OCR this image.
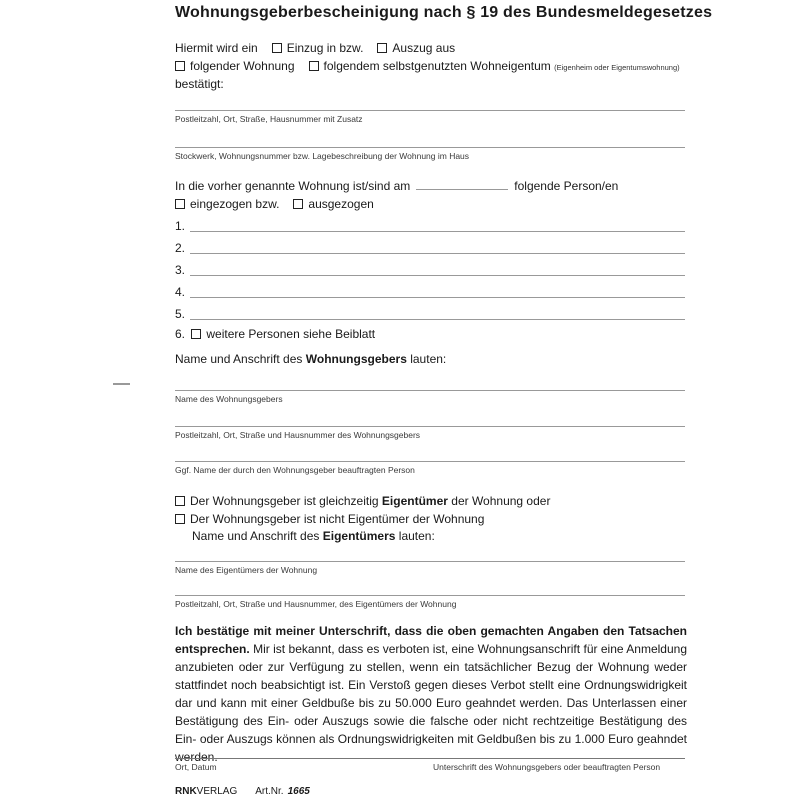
Wohnungsgeberbescheinigung nach § 19 des Bundesmeldegesetzes
Hiermit wird ein Einzug in bzw. Auszug aus
folgender Wohnung folgendem selbstgenutzten Wohneigentum (Eigenheim oder Eigentumswohnung)
bestätigt:
Postleitzahl, Ort, Straße, Hausnummer mit Zusatz
Stockwerk, Wohnungsnummer bzw. Lagebeschreibung der Wohnung im Haus
In die vorher genannte Wohnung ist/sind am	folgende Person/en
eingezogen bzw. ausgezogen
1.
2.
3.
4.
5.
6. weitere Personen siehe Beiblatt
Name und Anschrift des Wohnungsgebers lauten:
Name des Wohnungsgebers
Postleitzahl, Ort, Straße und Hausnummer des Wohnungsgebers
Ggf. Name der durch den Wohnungsgeber beauftragten Person
Der Wohnungsgeber ist gleichzeitig Eigentümer der Wohnung oder
Der Wohnungsgeber ist nicht Eigentümer der Wohnung
Name und Anschrift des Eigentümers lauten:
Name des Eigentümers der Wohnung
Postleitzahl, Ort, Straße und Hausnummer, des Eigentümers der Wohnung

Ich bestätige mit meiner Unterschrift, dass die oben gemachten Angaben den Tatsachen entsprechen. Mir ist bekannt, dass es verboten ist, eine Wohnungsanschrift für eine Anmeldung anzubieten oder zur Verfügung zu stellen, wenn ein tatsächlicher Bezug der Wohnung weder stattfindet noch beabsichtigt ist. Ein Verstoß gegen dieses Verbot stellt eine Ordnungswidrigkeit dar und kann mit einer Geldbuße bis zu 50.000 Euro geahndet werden. Das Unterlassen einer Bestätigung des Ein- oder Auszugs sowie die falsche oder nicht rechtzeitige Bestätigung des Ein- oder Auszugs können als Ordnungswidrigkeiten mit Geldbußen bis zu 1.000 Euro geahndet werden.

Ort, Datum	Unterschrift des Wohnungsgebers oder beauftragten Person
RNKVERLAG Art.Nr. 1665
